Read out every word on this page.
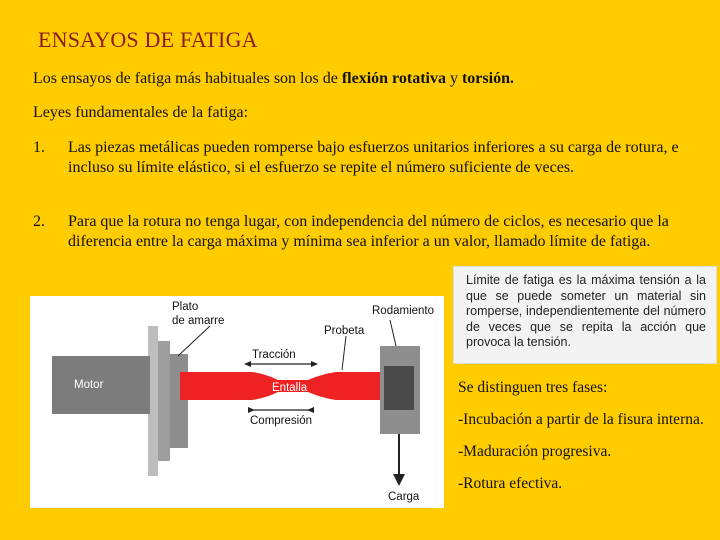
ENSAYOS DE FATIGA
Los ensayos de fatiga más habituales son los de flexión rotativa y torsión.
Leyes fundamentales de la fatiga:
1. Las piezas metálicas pueden romperse bajo esfuerzos unitarios inferiores a su carga de rotura, e incluso su límite elástico, si el esfuerzo se repite el número suficiente de veces.
2. Para que la rotura no tenga lugar, con independencia del número de ciclos, es necesario que la diferencia entre la carga máxima y mínima sea inferior a un valor, llamado límite de fatiga.

Límite de fatiga es la máxima tensión a la que se puede someter un material sin romperse, independientemente del número de veces que se repita la acción que provoca la tensión.

Plato
de amarre
Rodamiento
Probeta
Tracción
Motor	Entalla
Compresión
Carga
Se distinguen tres fases:
-Incubación a partir de la fisura interna.
-Maduración progresiva.
-Rotura efectiva.
